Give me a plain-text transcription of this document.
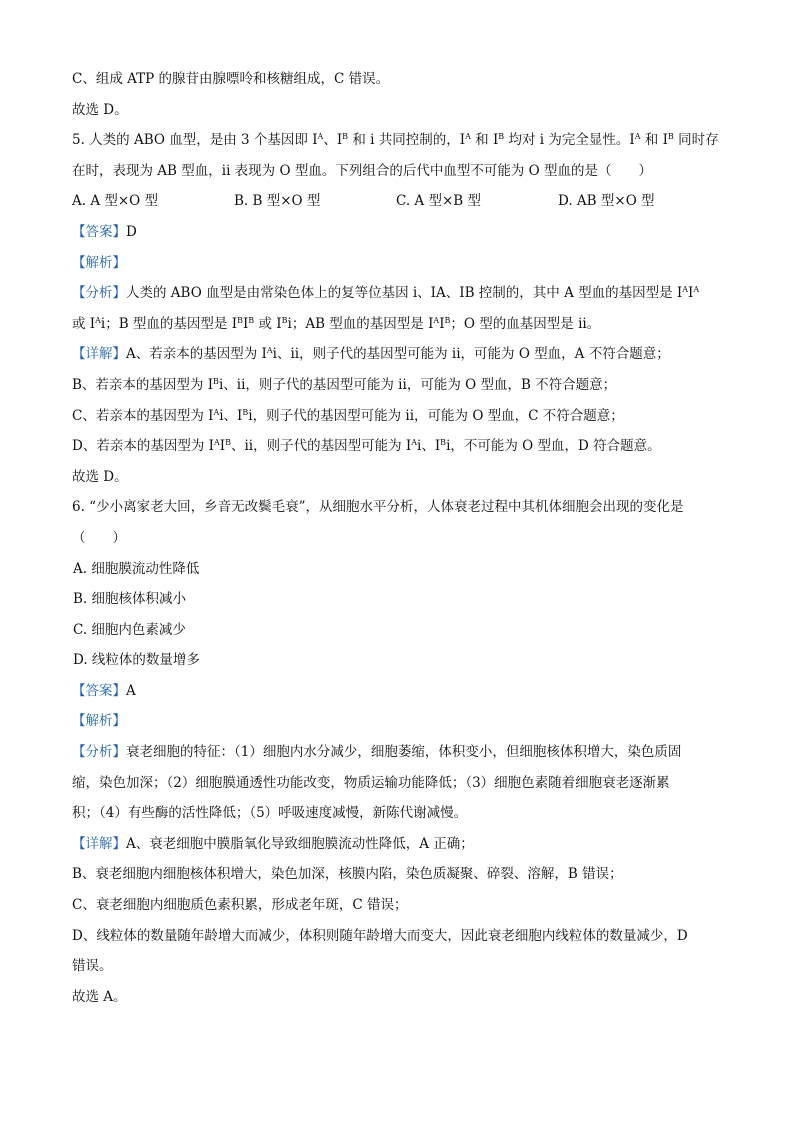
C、组成 ATP 的腺苷由腺嘌呤和核糖组成，C 错误。
故选 D。
5. 人类的 ABO 血型，是由 3 个基因即 $I^A$、$I^B$ 和 i 共同控制的，$I^A$ 和 $I^B$ 均对 i 为完全显性。$I^A$ 和 $I^B$ 同时存
在时，表现为 AB 型血，ii 表现为 O 型血。下列组合的后代中血型不可能为 O 型血的是（　　）
A. A 型×O 型	B. B 型×O 型	C. A 型×B 型	D. AB 型×O 型
【答案】D
【解析】
【分析】人类的 ABO 血型是由常染色体上的复等位基因 i、IA、IB 控制的，其中 A 型血的基因型是 $I^AI^A$
或 $I^Ai$；B 型血的基因型是 $I^BI^B$ 或 $I^Bi$；AB 型血的基因型是 $I^AI^B$；O 型的血基因型是 ii。
【详解】A、若亲本的基因型为 $I^Ai$、ii，则子代的基因型可能为 ii，可能为 O 型血，A 不符合题意；
B、若亲本的基因型为 $I^Bi$、ii，则子代的基因型可能为 ii，可能为 O 型血，B 不符合题意；
C、若亲本的基因型为 $I^Ai$、$I^Bi$，则子代的基因型可能为 ii，可能为 O 型血，C 不符合题意；
D、若亲本的基因型为 $I^AI^B$、ii，则子代的基因型可能为 $I^Ai$、$I^Bi$，不可能为 O 型血，D 符合题意。
故选 D。
6. “少小离家老大回，乡音无改鬓毛衰”，从细胞水平分析，人体衰老过程中其机体细胞会出现的变化是
（　　）
A. 细胞膜流动性降低
B. 细胞核体积减小
C. 细胞内色素减少
D. 线粒体的数量增多
【答案】A
【解析】
【分析】衰老细胞的特征：（1）细胞内水分减少，细胞萎缩，体积变小，但细胞核体积增大，染色质固
缩，染色加深；（2）细胞膜通透性功能改变，物质运输功能降低；（3）细胞色素随着细胞衰老逐渐累
积；（4）有些酶的活性降低；（5）呼吸速度减慢，新陈代谢减慢。
【详解】A、衰老细胞中膜脂氧化导致细胞膜流动性降低，A 正确；
B、衰老细胞内细胞核体积增大，染色加深，核膜内陷，染色质凝聚、碎裂、溶解，B 错误；
C、衰老细胞内细胞质色素积累，形成老年斑，C 错误；
D、线粒体的数量随年龄增大而减少，体积则随年龄增大而变大，因此衰老细胞内线粒体的数量减少，D
错误。
故选 A。
